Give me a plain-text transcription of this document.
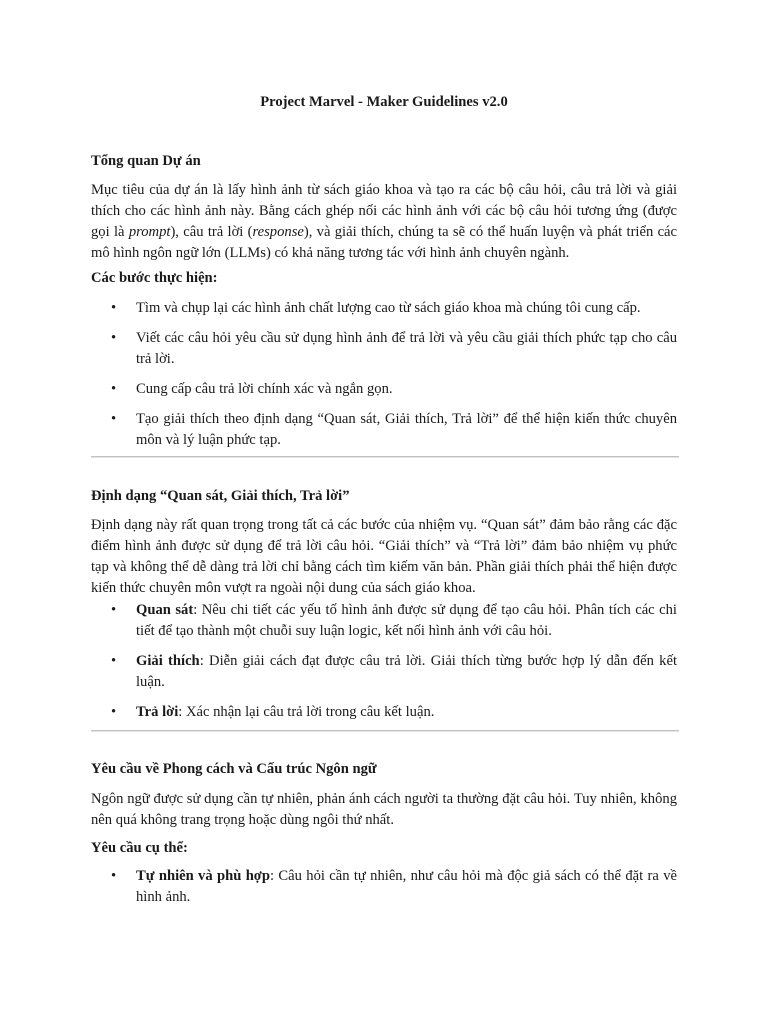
Project Marvel - Maker Guidelines v2.0
Tổng quan Dự án

Mục tiêu của dự án là lấy hình ảnh từ sách giáo khoa và tạo ra các bộ câu hỏi, câu trả lời và giải thích cho các hình ảnh này. Bằng cách ghép nối các hình ảnh với các bộ câu hỏi tương ứng (được gọi là prompt), câu trả lời (response), và giải thích, chúng ta sẽ có thể huấn luyện và phát triển các mô hình ngôn ngữ lớn (LLMs) có khả năng tương tác với hình ảnh chuyên ngành.

Các bước thực hiện:
• Tìm và chụp lại các hình ảnh chất lượng cao từ sách giáo khoa mà chúng tôi cung cấp.
• Viết các câu hỏi yêu cầu sử dụng hình ảnh để trả lời và yêu cầu giải thích phức tạp cho câu trả lời.
• Cung cấp câu trả lời chính xác và ngắn gọn.
• Tạo giải thích theo định dạng “Quan sát, Giải thích, Trả lời” để thể hiện kiến thức chuyên môn và lý luận phức tạp.
Định dạng “Quan sát, Giải thích, Trả lời”

Định dạng này rất quan trọng trong tất cả các bước của nhiệm vụ. “Quan sát” đảm bảo rằng các đặc điểm hình ảnh được sử dụng để trả lời câu hỏi. “Giải thích” và “Trả lời” đảm bảo nhiệm vụ phức tạp và không thể dễ dàng trả lời chỉ bằng cách tìm kiếm văn bản. Phần giải thích phải thể hiện được kiến thức chuyên môn vượt ra ngoài nội dung của sách giáo khoa.

• Quan sát: Nêu chi tiết các yếu tố hình ảnh được sử dụng để tạo câu hỏi. Phân tích các chi tiết để tạo thành một chuỗi suy luận logic, kết nối hình ảnh với câu hỏi.
• Giải thích: Diễn giải cách đạt được câu trả lời. Giải thích từng bước hợp lý dẫn đến kết luận.
• Trả lời: Xác nhận lại câu trả lời trong câu kết luận.
Yêu cầu về Phong cách và Cấu trúc Ngôn ngữ

Ngôn ngữ được sử dụng cần tự nhiên, phản ánh cách người ta thường đặt câu hỏi. Tuy nhiên, không nên quá không trang trọng hoặc dùng ngôi thứ nhất.

Yêu cầu cụ thể:
• Tự nhiên và phù hợp: Câu hỏi cần tự nhiên, như câu hỏi mà độc giả sách có thể đặt ra về hình ảnh.
